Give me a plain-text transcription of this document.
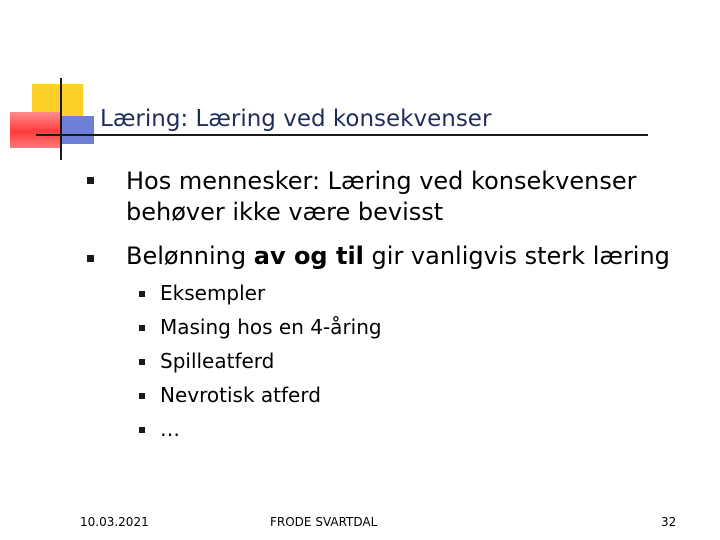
Læring: Læring ved konsekvenser
Hos mennesker: Læring ved konsekvenser
behøver ikke være bevisst
Belønning av og til gir vanligvis sterk læring
Eksempler
Masing hos en 4-åring
Spilleatferd
Nevrotisk atferd
…
10.03.2021	FRODE SVARTDAL	32
